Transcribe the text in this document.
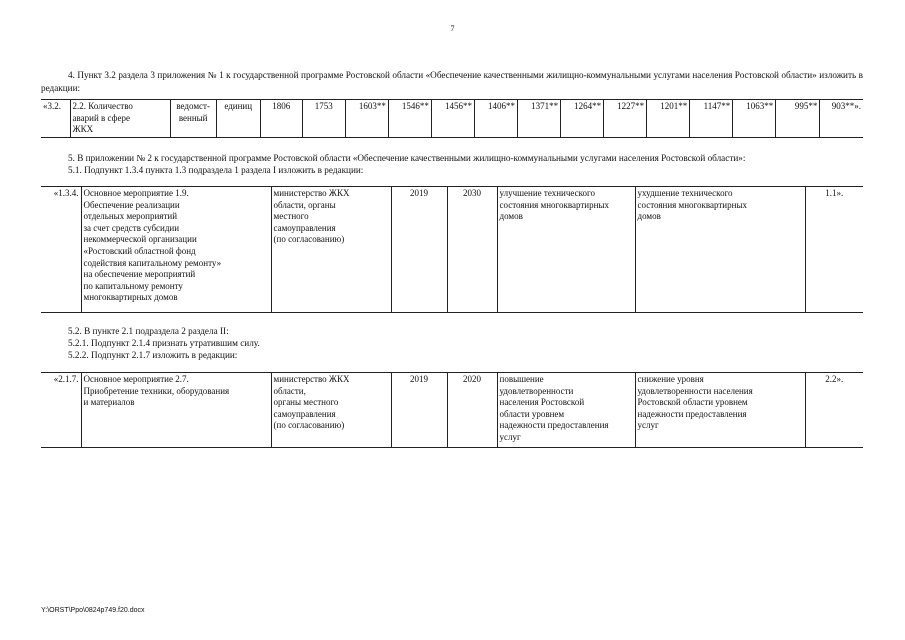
7
4. Пункт 3.2 раздела 3 приложения № 1 к государственной программе Ростовской области «Обеспечение качественными жилищно-коммунальными услугами населения Ростовской области» изложить в редакции:
«3.2.	2.2. Количество
аварий в сфере
ЖКХ	ведомст-
венный	единиц	1806	1753	1603**	1546**	1456**	1406**	1371**	1264**	1227**	1201**	1147**	1063**	995**	903**».
5. В приложении № 2 к государственной программе Ростовской области «Обеспечение качественными жилищно-коммунальными услугами населения Ростовской области»:
5.1. Подпункт 1.3.4 пункта 1.3 подраздела 1 раздела I изложить в редакции:
«1.3.4.	Основное мероприятие 1.9.
Обеспечение реализации
отдельных мероприятий
за счет средств субсидии
некоммерческой организации
«Ростовский областной фонд
содействия капитальному ремонту»
на обеспечение мероприятий
по капитальному ремонту
многоквартирных домов	министерство ЖКХ
области, органы
местного
самоуправления
(по согласованию)	2019	2030	улучшение технического
состояния многоквартирных
домов	ухудшение технического
состояния многоквартирных
домов	1.1».
5.2. В пункте 2.1 подраздела 2 раздела II:
5.2.1. Подпункт 2.1.4 признать утратившим силу.
5.2.2. Подпункт 2.1.7 изложить в редакции:
«2.1.7.	Основное мероприятие 2.7.
Приобретение техники, оборудования
и материалов	министерство ЖКХ
области,
органы местного
самоуправления
(по согласованию)	2019	2020	повышение
удовлетворенности
населения Ростовской
области уровнем
надежности предоставления
услуг	снижение уровня
удовлетворенности населения
Ростовской области уровнем
надежности предоставления
услуг	2.2».
Y:\ORST\Ppo\0824p749.f20.docx
